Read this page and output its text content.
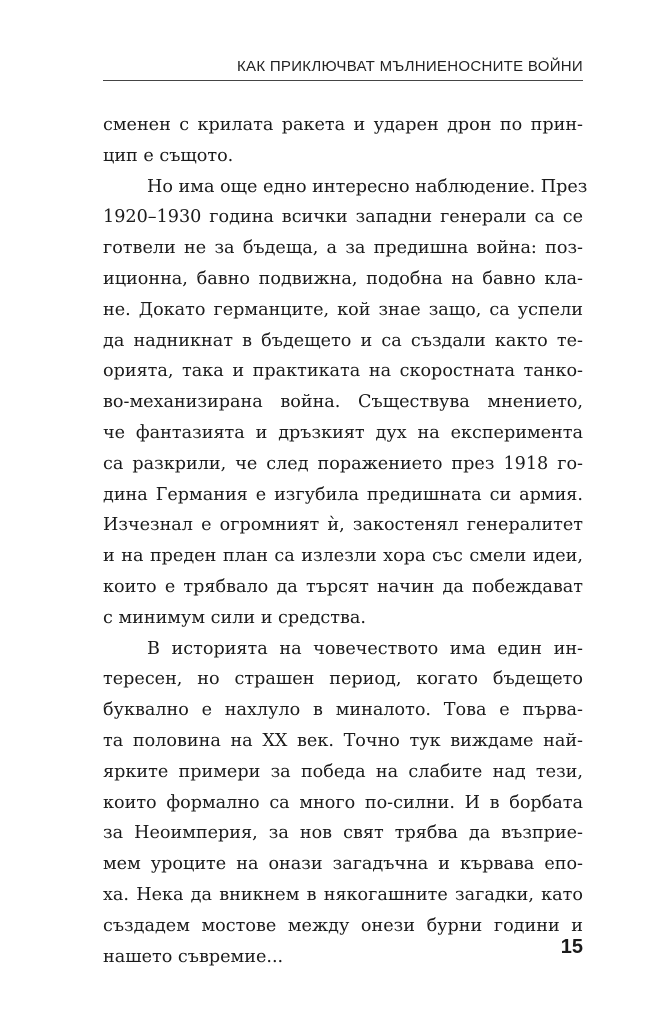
КАК ПРИКЛЮЧВАТ МЪЛНИЕНОСНИТЕ ВОЙНИ
сменен с крилата ракета и ударен дрон по прин-
цип е същото.
Но има още едно интересно наблюдение. През
1920–1930 година всички западни генерали са се
готвели не за бъдеща, а за предишна война: поз-
иционна, бавно подвижна, подобна на бавно кла-
не. Докато германците, кой знае защо, са успели
да надникнат в бъдещето и са създали както те-
орията, така и практиката на скоростната танко-
во-механизирана война. Съществува мнението,
че фантазията и дръзкият дух на експеримента
са разкрили, че след поражението през 1918 го-
дина Германия е изгубила предишната си армия.
Изчезнал е огромният ѝ, закостенял генералитет
и на преден план са излезли хора със смели идеи,
които е трябвало да търсят начин да побеждават
с минимум сили и средства.
В историята на човечеството има един ин-
тересен, но страшен период, когато бъдещето
буквално е нахлуло в миналото. Това е първа-
та половина на ХХ век. Точно тук виждаме най-
ярките примери за победа на слабите над тези,
които формално са много по-силни. И в борбата
за Неоимперия, за нов свят трябва да възприе-
мем уроците на онази загадъчна и кървава епо-
ха. Нека да вникнем в някогашните загадки, като
създадем мостове между онези бурни години и
нашето съвремие...	15
